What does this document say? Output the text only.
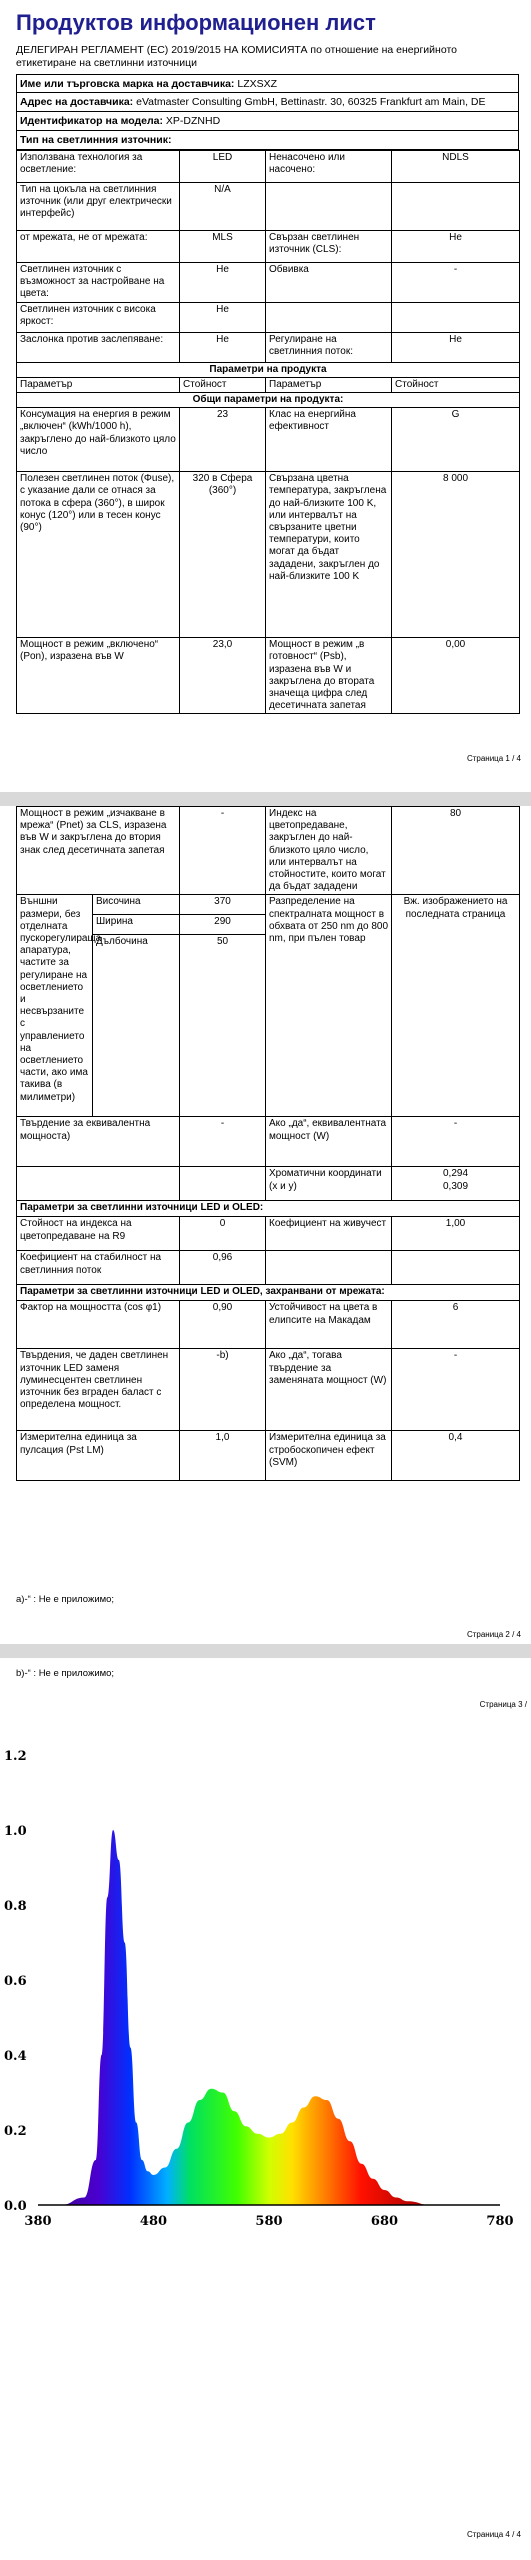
Продуктов информационен лист
ДЕЛЕГИРАН РЕГЛАМЕНТ (ЕС) 2019/2015 НА КОМИСИЯТА по отношение на енергийното етикетиране на светлинни източници
Име или търговска марка на доставчика: LZXSXZ
Адрес на доставчика: eVatmaster Consulting GmbH, Bettinastr. 30, 60325 Frankfurt am Main, DE
Идентификатор на модела: XP-DZNHD
Тип на светлинния източник:
Използвана технология за осветление:	LED	Ненасочено или насочено:	NDLS
Тип на цокъла на светлинния източник (или друг електрически интерфейс)	N/A		
от мрежата, не от мрежата:	MLS	Свързан светлинен източник (CLS):	Не
Светлинен източник с възможност за настройване на цвета:	Не	Обвивка	-
Светлинен източник с висока яркост:	Не		
Заслонка против заслепяване:	Не	Регулиране на светлинния поток:	Не
Параметри на продукта			
Параметър	Стойност	Параметър	Стойност
Общи параметри на продукта:			
Консумация на енергия в режим „включен“ (kWh/1000 h), закръглено до най-близкото цяло число	23	Клас на енергийна ефективност	G
Полезен светлинен поток (Φuse), с указание дали се отнася за потока в сфера (360°), в широк конус (120°) или в тесен конус (90°)	320 в Сфера (360°)	Свързана цветна температура, закръглена до най-близките 100 K, или интервалът на свързаните цветни температури, които могат да бъдат зададени, закръглен до най-близките 100 K	8 000
Мощност в режим „включено“ (Pon), изразена във W	23,0	Мощност в режим „в готовност“ (Psb), изразена във W и закръглена до втората значеща цифра след десетичната запетая	0,00
Страница 1 / 4
Мощност в режим „изчакване в мрежа“ (Pnet) за CLS, изразена във W и закръглена до втория знак след десетичната запетая		-	Индекс на цветопредаване, закръглен до най-близкото цяло число, или интервалът на стойностите, които могат да бъдат зададени	80
Външни размери, без отделната пускорегулираща апаратура, частите за регулиране на осветлението и несвързаните с управлението на осветлението части, ако има такива (в милиметри)	Височина	370	Разпределение на спектралната мощност в обхвата от 250 nm до 800 nm, при пълен товар	Вж. изображението на последната страница
	Ширина	290		
	Дълбочина	50		
Твърдение за еквивалентна мощностa)		-	Ако „да“, еквивалентната мощност (W)	-
			Хроматични координати (x и y)	0,294
0,309
Параметри за светлинни източници LED и OLED:				
Стойност на индекса на цветопредаване на R9		0	Коефициент на живучест	1,00
Коефициент на стабилност на светлинния поток		0,96		
Параметри за светлинни източници LED и OLED, захранвани от мрежата:				
Фактор на мощността (cos φ1)		0,90	Устойчивост на цвета в елипсите на Макадам	6
Твърдения, че даден светлинен източник LED заменя луминесцентен светлинен източник без вграден баласт с определена мощност.		-b)	Ако „да“, тогава твърдение за заменяната мощност (W)	-
Измерителна единица за пулсация (Pst LM)		1,0	Измерителна единица за стробоскопичен ефект (SVM)	0,4
a)-“ : Не е приложимо;
Страница 2 / 4
b)-“ : Не е приложимо;
Страница 3 /
0.0
0.2
0.4
0.6
0.8
1.0
1.2
380	480	580	680	780
Страница 4 / 4
